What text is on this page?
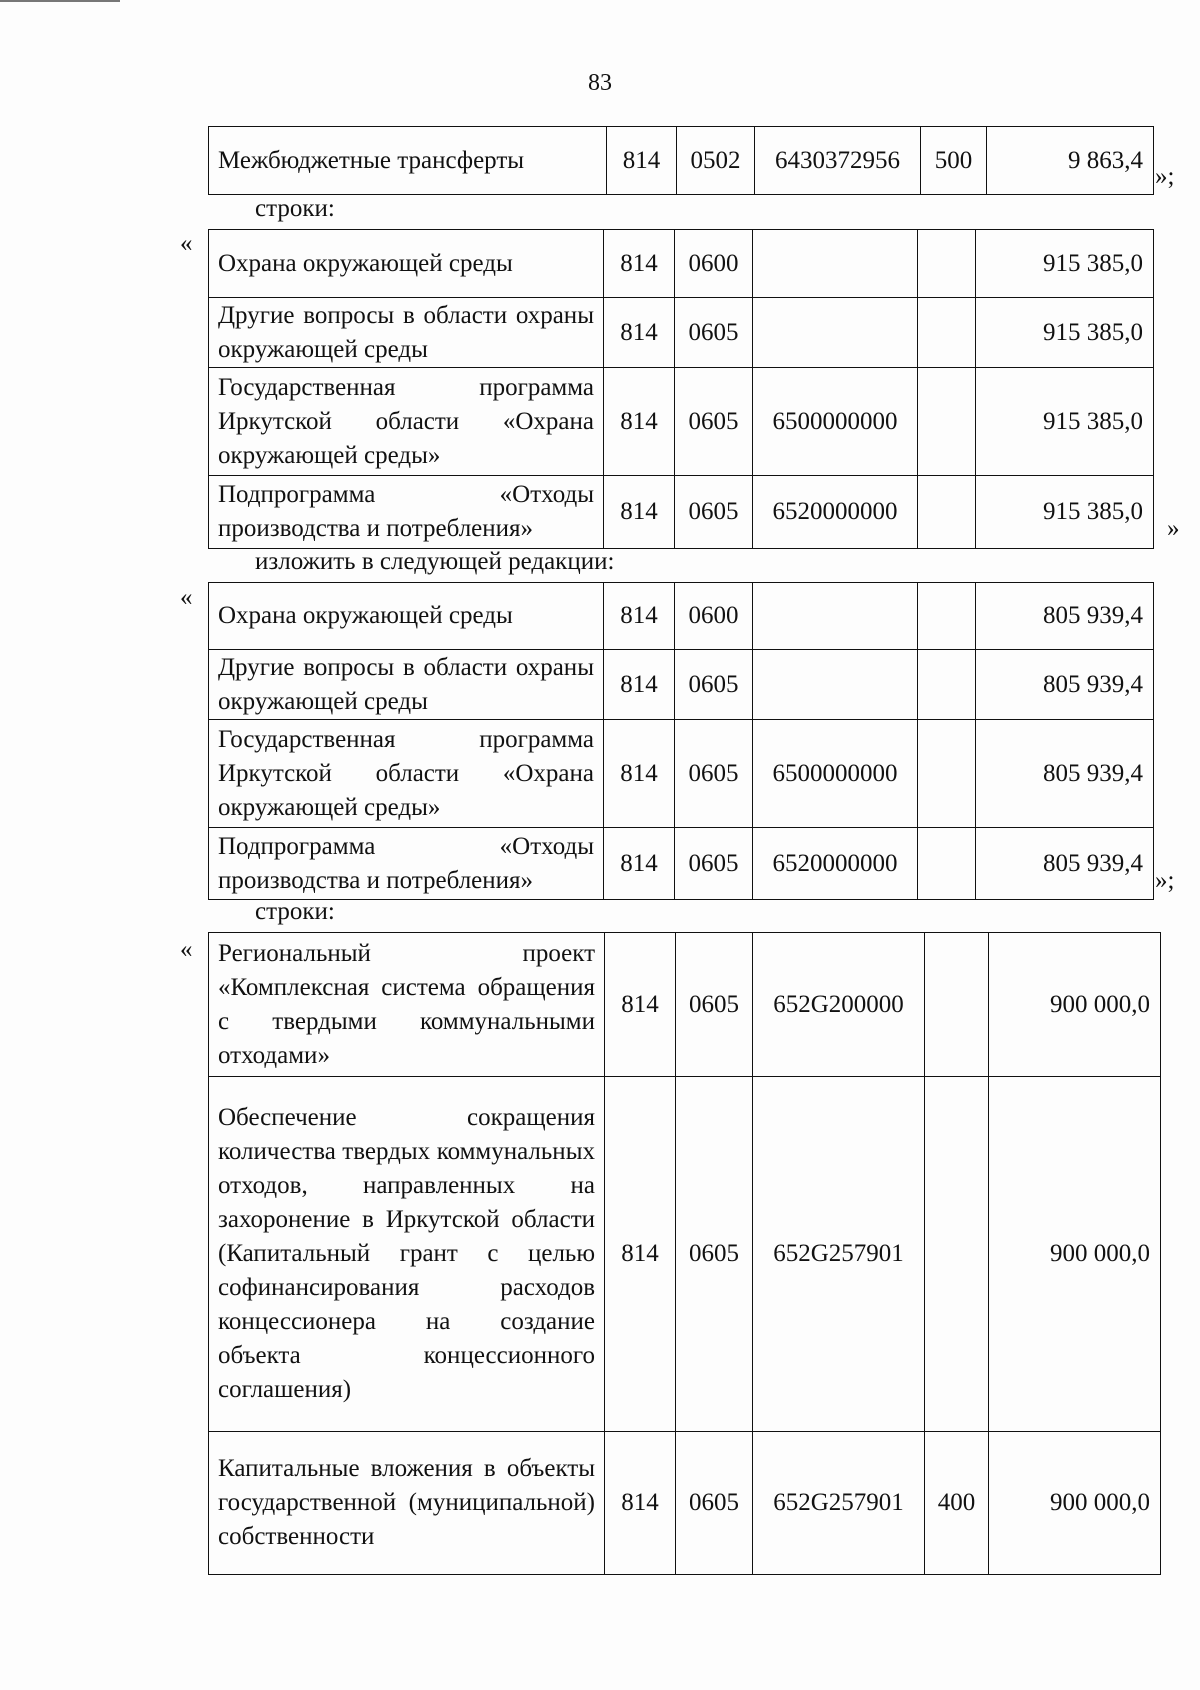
83
Межбюджетные трансферты	814	0502	6430372956	500	9 863,4
»;
строки:
«
Охрана окружающей среды	814	0600			915 385,0
Другие вопросы в области охраны окружающей среды	814	0605			915 385,0
Государственная программа Иркутской области «Охрана окружающей среды»	814	0605	6500000000		915 385,0
Подпрограмма «Отходы производства и потребления»	814	0605	6520000000		915 385,0
»
изложить в следующей редакции:
«
Охрана окружающей среды	814	0600			805 939,4
Другие вопросы в области охраны окружающей среды	814	0605			805 939,4
Государственная программа Иркутской области «Охрана окружающей среды»	814	0605	6500000000		805 939,4
Подпрограмма «Отходы производства и потребления»	814	0605	6520000000		805 939,4
»;
строки:
« Региональный проект «Комплексная система обращения с твердыми коммунальными отходами»	814	0605	652G200000		900 000,0
Обеспечение сокращения количества твердых коммунальных отходов, направленных на захоронение в Иркутской области (Капитальный грант с целью софинансирования расходов концессионера на создание объекта концессионного соглашения)	814	0605	652G257901		900 000,0
Капитальные вложения в объекты государственной (муниципальной) собственности	814	0605	652G257901	400	900 000,0
